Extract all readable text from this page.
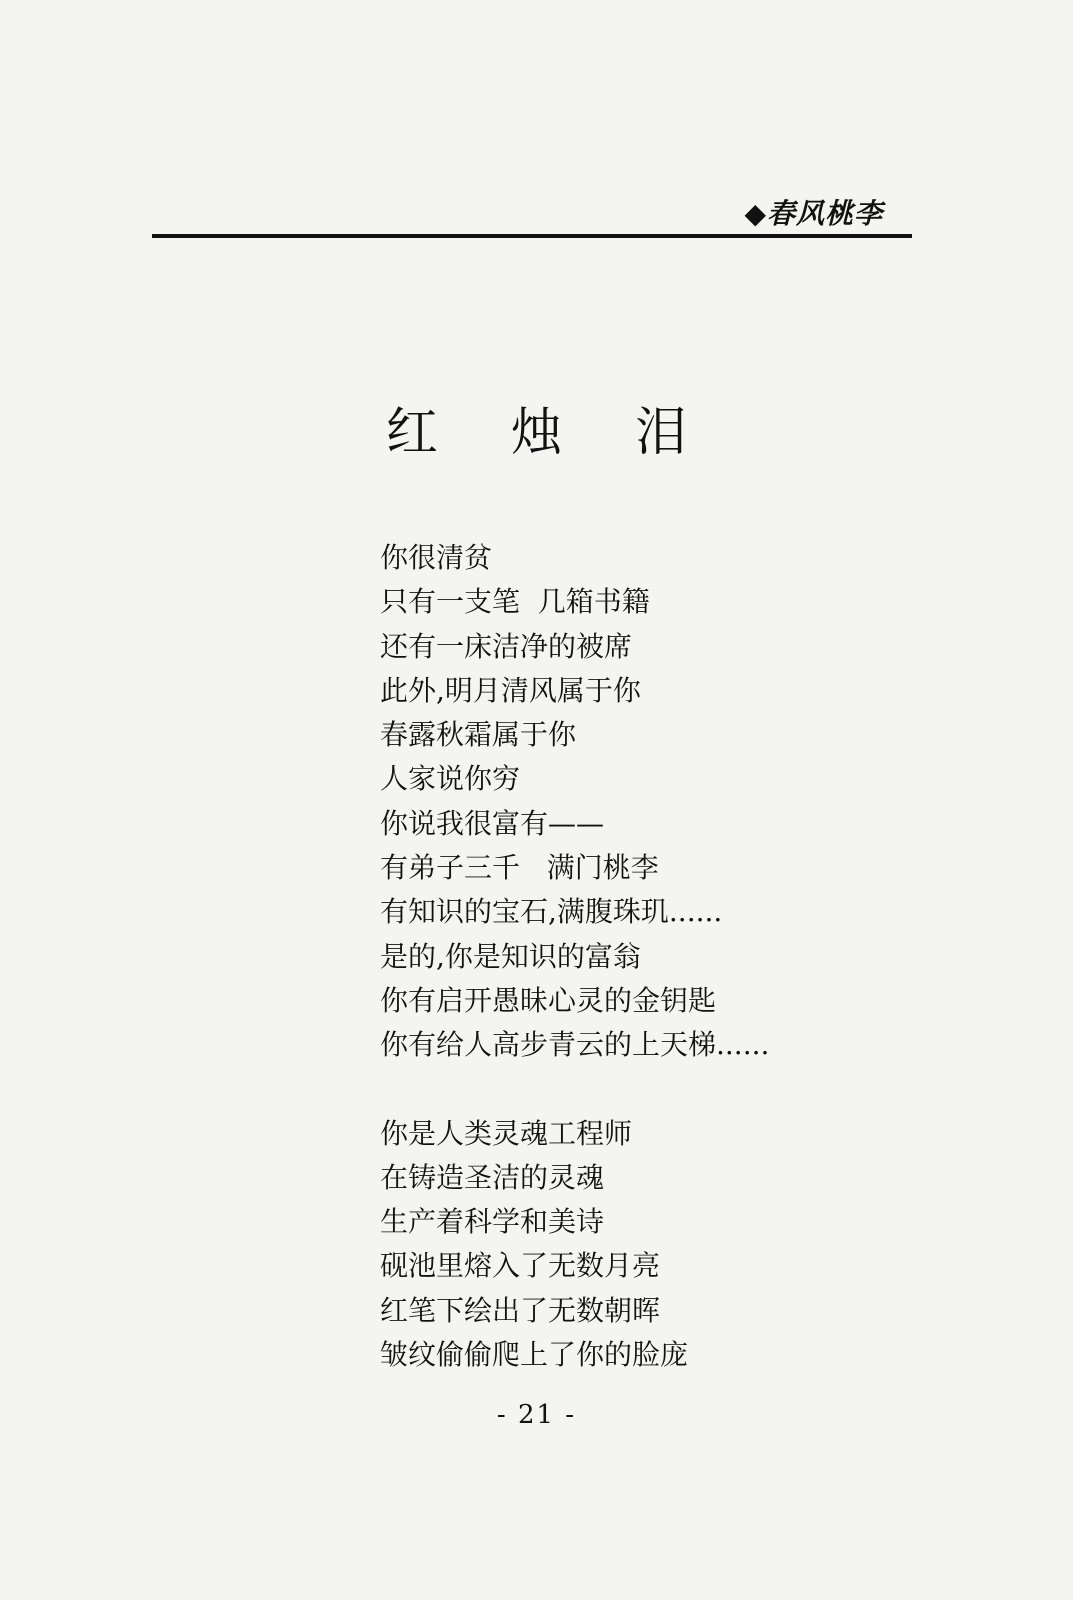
◆春风桃李
红 烛 泪
你很清贫
只有一支笔  几箱书籍
还有一床洁净的被席
此外,明月清风属于你
春露秋霜属于你
人家说你穷
你说我很富有——
有弟子三千   满门桃李
有知识的宝石,满腹珠玑......
是的,你是知识的富翁
你有启开愚昧心灵的金钥匙
你有给人高步青云的上天梯......
你是人类灵魂工程师
在铸造圣洁的灵魂
生产着科学和美诗
砚池里熔入了无数月亮
红笔下绘出了无数朝晖
皱纹偷偷爬上了你的脸庞
- 21 -
